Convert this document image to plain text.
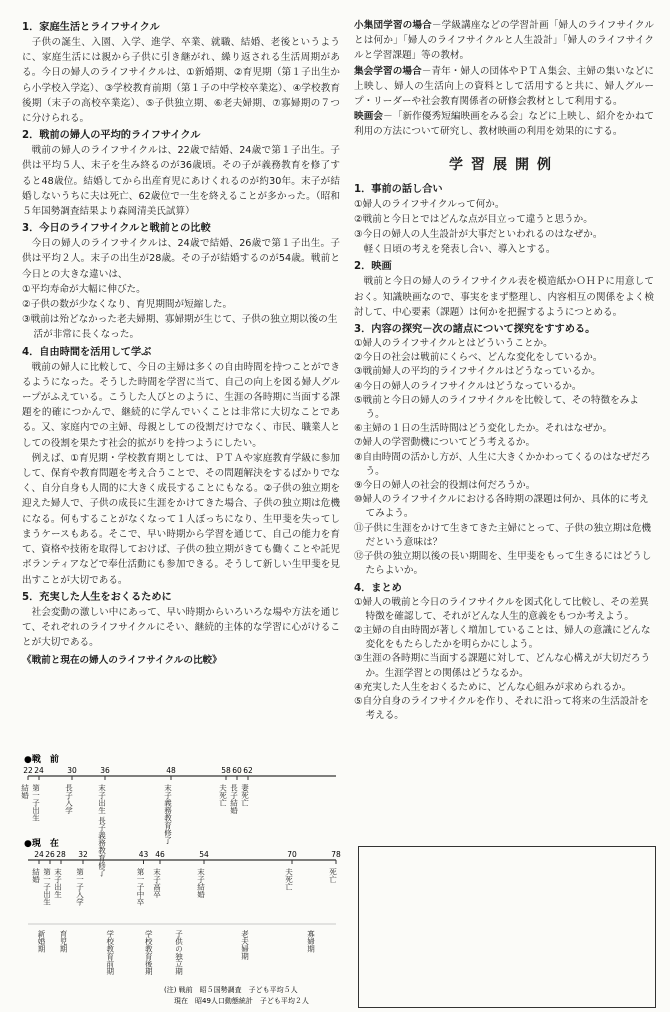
1．家庭生活とライフサイクル

子供の誕生、入園、入学、進学、卒業、就職、結婚、老後というように、家庭生活には親から子供に引き継がれ、繰り返される生活周期がある。今日の婦人のライフサイクルは、①新婚期、②育児期（第１子出生から小学校入学迄）、③学校教育前期（第１子の中学校卒業迄）、④学校教育後期（末子の高校卒業迄）、⑤子供独立期、⑥老夫婦期、⑦寡婦期の７つに分けられる。

2．戦前の婦人の平均的ライフサイクル

戦前の婦人のライフサイクルは、22歳で結婚、24歳で第１子出生。子供は平均５人、末子を生み終るのが36歳頃。その子が義務教育を修了すると48歳位。結婚してから出産育児にあけくれるのが約30年。末子が結婚しないうちに夫は死亡、62歳位で一生を終えることが多かった。（昭和５年国勢調査結果より森岡清美氏試算）

3．今日のライフサイクルと戦前との比較

今日の婦人のライフサイクルは、24歳で結婚、26歳で第１子出生。子供は平均２人。末子の出生が28歳。その子が結婚するのが54歳。戦前と今日との大きな違いは、

①平均寿命が大幅に伸びた。
②子供の数が少なくなり、育児期間が短縮した。
③戦前は殆どなかった老夫婦期、寡婦期が生じて、子供の独立期以後の生活が非常に長くなった。
4．自由時間を活用して学ぶ

戦前の婦人に比較して、今日の主婦は多くの自由時間を持つことができるようになった。そうした時間を学習に当て、自己の向上を図る婦人グループがふえている。こうした人びとのように、生涯の各時期に当面する課題を的確につかんで、継続的に学んでいくことは非常に大切なことである。又、家庭内での主婦、母親としての役割だけでなく、市民、職業人としての役割を果たす社会的拡がりを持つようにしたい。

例えば、①育児期・学校教育期としては、ＰＴＡや家庭教育学級に参加して、保育や教育問題を考え合うことで、その問題解決をするばかりでなく、自分自身も人間的に大きく成長することにもなる。②子供の独立期を迎えた婦人で、子供の成長に生涯をかけてきた場合、子供の独立期は危機になる。何もすることがなくなって１人ぼっちになり、生甲斐を失ってしまうケースもある。そこで、早い時期から学習を通じて、自己の能力を育て、資格や技術を取得しておけば、子供の独立期がきても働くことや託児ボランティアなどで奉仕活動にも参加できる。そうして新しい生甲斐を見出すことが大切である。

5．充実した人生をおくるために

社会変動の激しい中にあって、早い時期からいろいろな場や方法を通じて、それぞれのライフサイクルにそい、継続的主体的な学習に心がけることが大切である。

《戦前と現在の婦人のライフサイクルの比較》
●戦　前
22
結婚
24
第一子出生
30
長子入学
36
末子出生 長子義務教育修了
48
末子義務教育修了
58
夫死亡
60
長子結婚
62
妻死亡
●現　在
24
結婚
26
第一子出生
28
末子出生
32
第一子入学
43
第一子中卒
46
末子高卒
54
末子結婚
70
夫死亡
78
死亡
新婚期 育児期	学校教育前期	学校教育後期	子供の独立期	老夫婦期	寡婦期
(注) 戦前　昭５国勢調査　子ども平均５人
現在　昭49人口動態統計　子ども平均２人

小集団学習の場合－学級講座などの学習計画「婦人のライフサイクルとは何か」「婦人のライフサイクルと人生設計」「婦人のライフサイクルと学習課題」等の教材。

集会学習の場合－青年・婦人の団体やＰＴＡ集会、主婦の集いなどに上映し、婦人の生活向上の資料として活用すると共に、婦人グループ・リーダーや社会教育関係者の研修会教材として利用する。

映画会－「新作優秀短編映画をみる会」などに上映し、紹介をかねて利用の方法について研究し、教材映画の利用を効果的にする。

学習展開例
1．事前の話し合い
①婦人のライフサイクルって何か。
②戦前と今日とではどんな点が目立って違うと思うか。
③今日の婦人の人生設計が大事だといわれるのはなぜか。

軽く日頃の考えを発表し合い、導入とする。

2．映画

戦前と今日の婦人のライフサイクル表を模造紙かＯＨＰに用意しておく。知識映画なので、事実をまず整理し、内容相互の関係をよく検討して、中心要素（課題）は何かを把握するようにつとめる。

3．内容の探究－次の諸点について探究をすすめる。
①婦人のライフサイクルとはどういうことか。
②今日の社会は戦前にくらべ、どんな変化をしているか。
③戦前婦人の平均的ライフサイクルはどうなっているか。
④今日の婦人のライフサイクルはどうなっているか。
⑤戦前と今日の婦人のライフサイクルを比較して、その特徴をみよう。
⑥主婦の１日の生活時間はどう変化したか。それはなぜか。
⑦婦人の学習動機についてどう考えるか。
⑧自由時間の活かし方が、人生に大きくかかわってくるのはなぜだろう。
⑨今日の婦人の社会的役割は何だろうか。
⑩婦人のライフサイクルにおける各時期の課題は何か、具体的に考えてみよう。
⑪子供に生涯をかけて生きてきた主婦にとって、子供の独立期は危機だという意味は？
⑫子供の独立期以後の長い期間を、生甲斐をもって生きるにはどうしたらよいか。
4．まとめ
①婦人の戦前と今日のライフサイクルを図式化して比較し、その差異特徴を確認して、それがどんな人生的意義をもつか考えよう。
②主婦の自由時間が著しく増加していることは、婦人の意識にどんな変化をもたらしたかを明らかにしよう。
③生涯の各時期に当面する課題に対して、どんな心構えが大切だろうか。生涯学習との関係はどうなるか。
④充実した人生をおくるために、どんな心組みが求められるか。
⑤自分自身のライフサイクルを作り、それに沿って将来の生活設計を考える。
